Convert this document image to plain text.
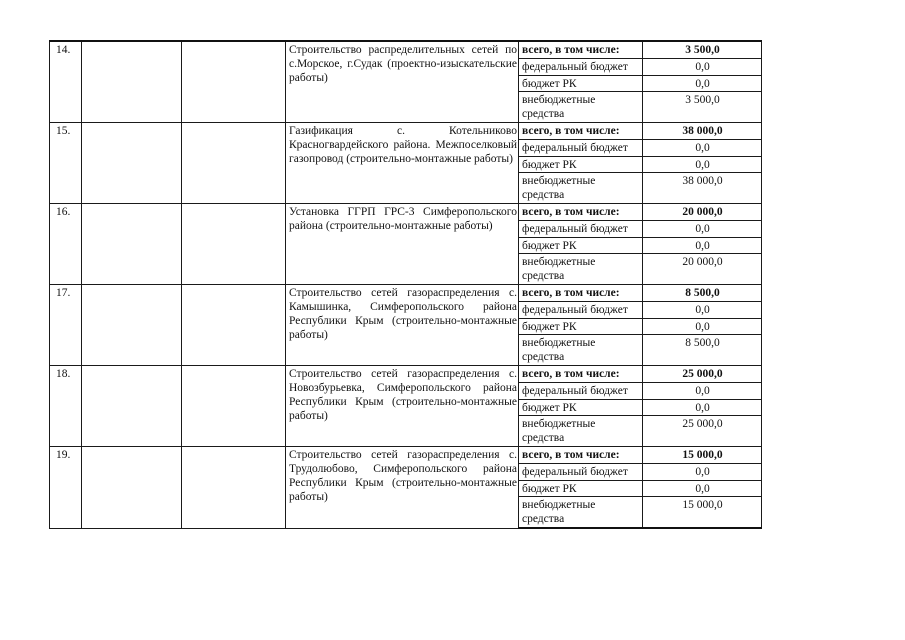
14.			Строительство распределительных сетей по с.Морское, г.Судак (проектно-изыскательские работы)	всего, в том числе:	3 500,0
				федеральный бюджет	0,0
				бюджет РК	0,0
				внебюджетные средства	3 500,0
15.			Газификация с. Котельниково Красногвардейского района. Межпоселковый газопровод (строительно-монтажные работы)	всего, в том числе:	38 000,0
				федеральный бюджет	0,0
				бюджет РК	0,0
				внебюджетные средства	38 000,0
16.			Установка ГГРП ГРС-3 Симферопольского района (строительно-монтажные работы)	всего, в том числе:	20 000,0
				федеральный бюджет	0,0
				бюджет РК	0,0
				внебюджетные средства	20 000,0
17.			Строительство сетей газораспределения с. Камышинка, Симферопольского района Республики Крым (строительно-монтажные работы)	всего, в том числе:	8 500,0
				федеральный бюджет	0,0
				бюджет РК	0,0
				внебюджетные средства	8 500,0
18.			Строительство сетей газораспределения с. Новозбурьевка, Симферопольского района Республики Крым (строительно-монтажные работы)	всего, в том числе:	25 000,0
				федеральный бюджет	0,0
				бюджет РК	0,0
				внебюджетные средства	25 000,0
19.			Строительство сетей газораспределения с. Трудолюбово, Симферопольского района Республики Крым (строительно-монтажные работы)	всего, в том числе:	15 000,0
				федеральный бюджет	0,0
				бюджет РК	0,0
				внебюджетные средства	15 000,0
